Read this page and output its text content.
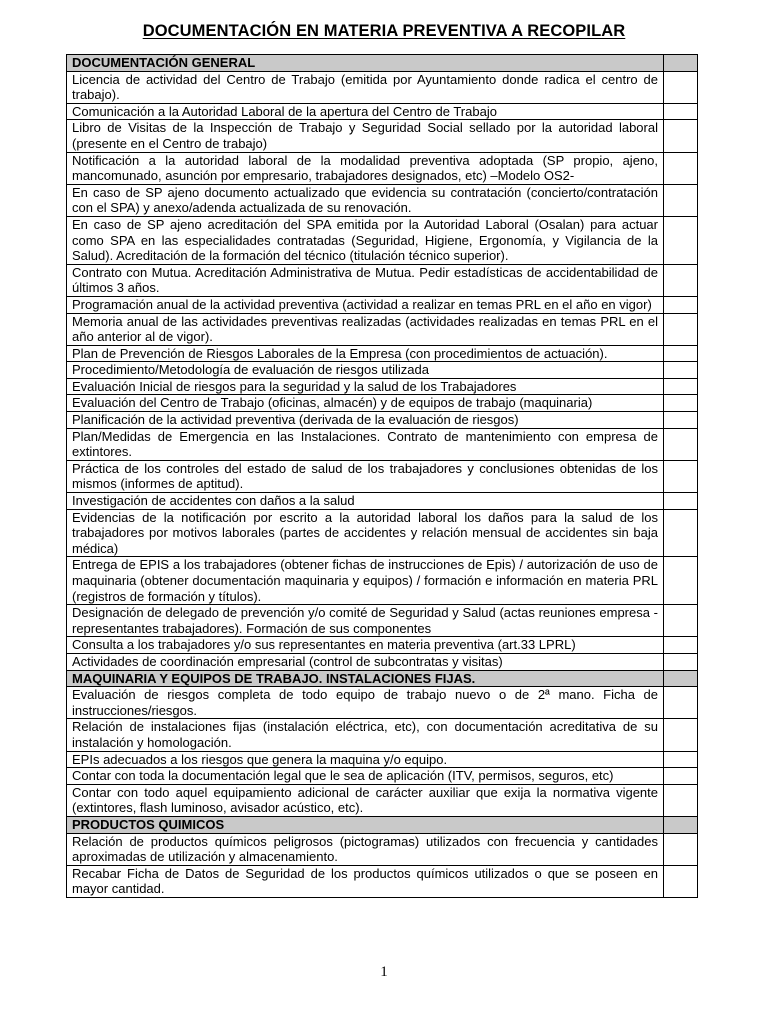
DOCUMENTACIÓN EN MATERIA PREVENTIVA A RECOPILAR
DOCUMENTACIÓN GENERAL	
Licencia de actividad del Centro de Trabajo (emitida por Ayuntamiento donde radica el centro de trabajo).	
Comunicación a la Autoridad Laboral de la apertura del Centro de Trabajo	
Libro de Visitas de la Inspección de Trabajo y Seguridad Social sellado por la autoridad laboral (presente en el Centro de trabajo)	
Notificación a la autoridad laboral de la modalidad preventiva adoptada (SP propio, ajeno, mancomunado, asunción por empresario, trabajadores designados, etc) –Modelo OS2-	
En caso de SP ajeno documento actualizado que evidencia su contratación (concierto/contratación con el SPA) y anexo/adenda actualizada de su renovación.	
En caso de SP ajeno acreditación del SPA emitida por la Autoridad Laboral (Osalan) para actuar como SPA en las especialidades contratadas (Seguridad, Higiene, Ergonomía, y Vigilancia de la Salud). Acreditación de la formación del técnico (titulación técnico superior).	
Contrato con Mutua. Acreditación Administrativa de Mutua. Pedir estadísticas de accidentabilidad de últimos 3 años.	
Programación anual de la actividad preventiva (actividad a realizar en temas PRL en el año en vigor)	
Memoria anual de las actividades preventivas realizadas (actividades realizadas en temas PRL en el año anterior al de vigor).	
Plan de Prevención de Riesgos Laborales de la Empresa (con procedimientos de actuación).	
Procedimiento/Metodología de evaluación de riesgos utilizada	
Evaluación Inicial de riesgos para la seguridad y la salud de los Trabajadores	
Evaluación del Centro de Trabajo (oficinas, almacén) y de equipos de trabajo (maquinaria)	
Planificación de la actividad preventiva (derivada de la evaluación de riesgos)	
Plan/Medidas de Emergencia en las Instalaciones. Contrato de mantenimiento con empresa de extintores.	
Práctica de los controles del estado de salud de los trabajadores y conclusiones obtenidas de los mismos (informes de aptitud).	
Investigación de accidentes con daños a la salud	
Evidencias de la notificación por escrito a la autoridad laboral los daños para la salud de los trabajadores por motivos laborales (partes de accidentes y relación mensual de accidentes sin baja médica)	
Entrega de EPIS a los trabajadores (obtener fichas de instrucciones de Epis) / autorización de uso de maquinaria (obtener documentación maquinaria y equipos) / formación e información en materia PRL (registros de formación y títulos).	
Designación de delegado de prevención y/o comité de Seguridad y Salud (actas reuniones empresa - representantes trabajadores). Formación de sus componentes	
Consulta a los trabajadores y/o sus representantes en materia preventiva (art.33 LPRL)	
Actividades de coordinación empresarial (control de subcontratas y visitas)	
MAQUINARIA Y EQUIPOS DE TRABAJO. INSTALACIONES FIJAS.	
Evaluación de riesgos completa de todo equipo de trabajo nuevo o de 2ª mano. Ficha de instrucciones/riesgos.	
Relación de instalaciones fijas (instalación eléctrica, etc), con documentación acreditativa de su instalación y homologación.	
EPIs adecuados a los riesgos que genera la maquina y/o equipo.	
Contar con toda la documentación legal que le sea de aplicación (ITV, permisos, seguros, etc)	
Contar con todo aquel equipamiento adicional de carácter auxiliar que exija la normativa vigente (extintores, flash luminoso, avisador acústico, etc).	
PRODUCTOS QUIMICOS	
Relación de productos químicos peligrosos (pictogramas) utilizados con frecuencia y cantidades aproximadas de utilización y almacenamiento.	
Recabar Ficha de Datos de Seguridad de los productos químicos utilizados o que se poseen en mayor cantidad.	
1
